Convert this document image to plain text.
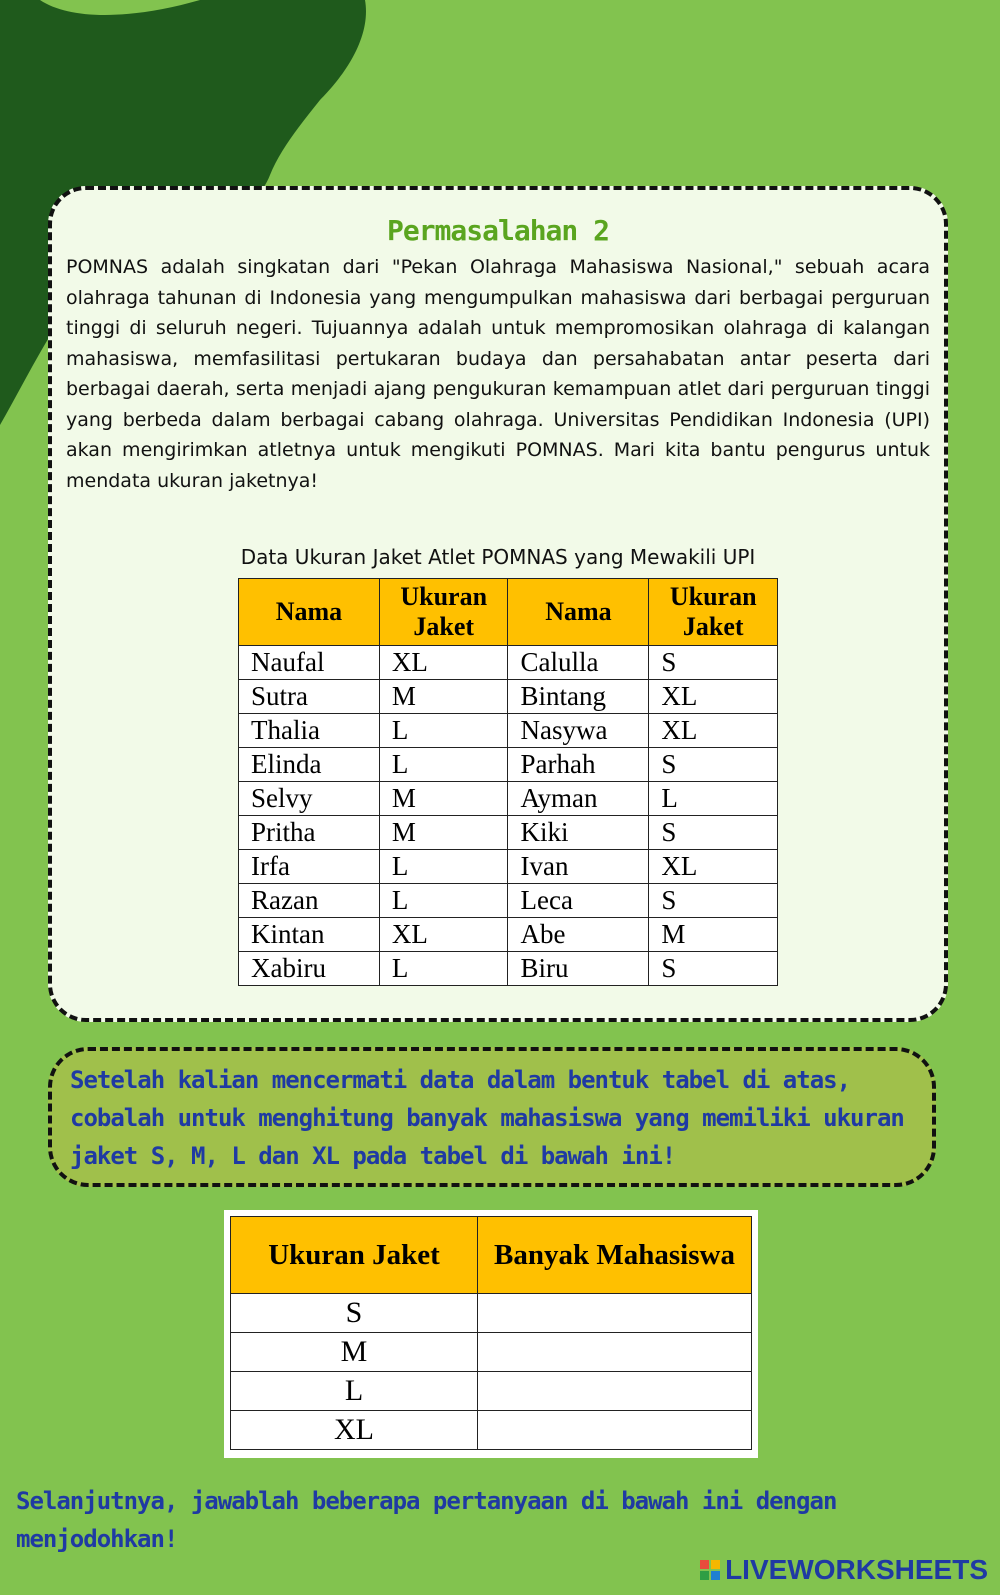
Permasalahan 2

POMNAS adalah singkatan dari "Pekan Olahraga Mahasiswa Nasional," sebuah acara olahraga tahunan di Indonesia yang mengumpulkan mahasiswa dari berbagai perguruan tinggi di seluruh negeri. Tujuannya adalah untuk mempromosikan olahraga di kalangan mahasiswa, memfasilitasi pertukaran budaya dan persahabatan antar peserta dari berbagai daerah, serta menjadi ajang pengukuran kemampuan atlet dari perguruan tinggi yang berbeda dalam berbagai cabang olahraga. Universitas Pendidikan Indonesia (UPI) akan mengirimkan atletnya untuk mengikuti POMNAS. Mari kita bantu pengurus untuk mendata ukuran jaketnya!

Data Ukuran Jaket Atlet POMNAS yang Mewakili UPI
Nama	Ukuran Jaket	Nama	Ukuran Jaket
Naufal	XL	Calulla	S
Sutra	M	Bintang	XL
Thalia	L	Nasywa	XL
Elinda	L	Parhah	S
Selvy	M	Ayman	L
Pritha	M	Kiki	S
Irfa	L	Ivan	XL
Razan	L	Leca	S
Kintan	XL	Abe	M
Xabiru	L	Biru	S

Setelah kalian mencermati data dalam bentuk tabel di atas, cobalah untuk menghitung banyak mahasiswa yang memiliki ukuran jaket S, M, L dan XL pada tabel di bawah ini!

Ukuran Jaket	Banyak Mahasiswa
S	
M	
L	
XL	

Selanjutnya, jawablah beberapa pertanyaan di bawah ini dengan menjodohkan!

LIVEWORKSHEETS
